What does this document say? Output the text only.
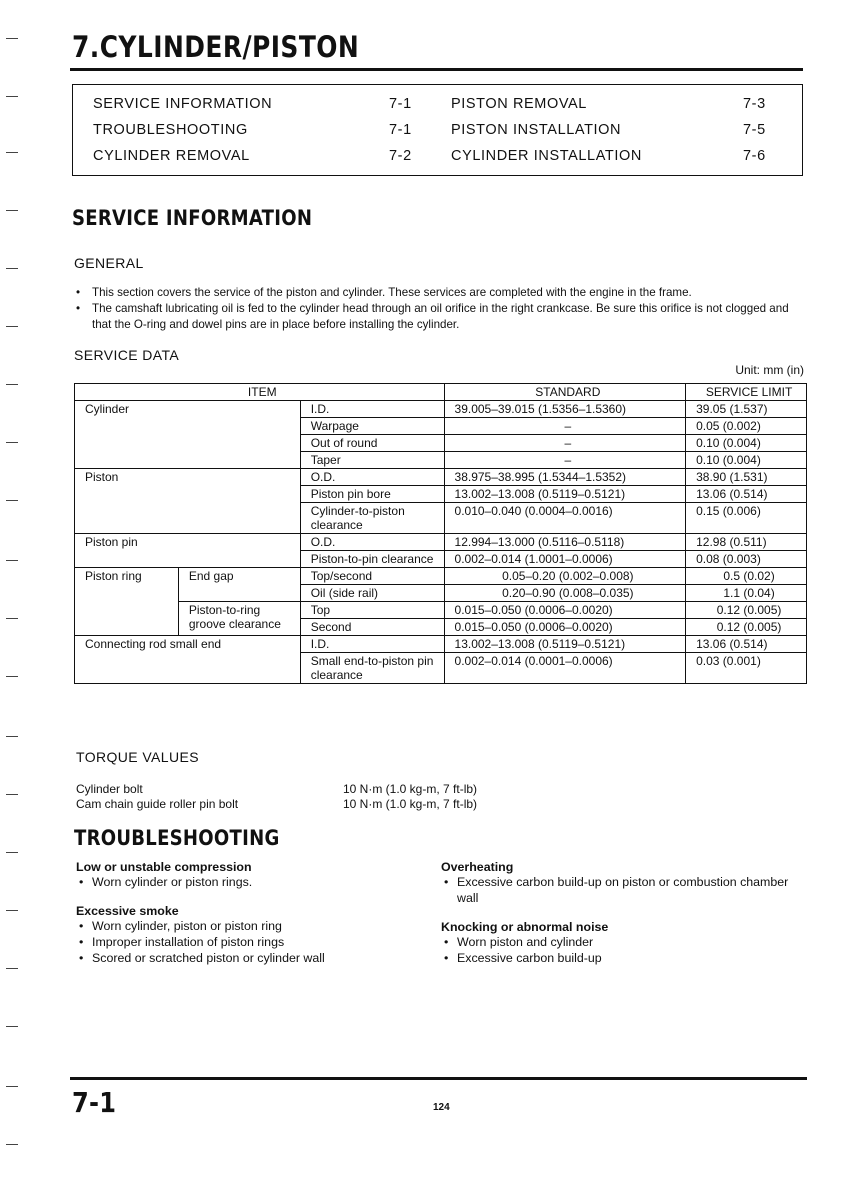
7.CYLINDER/PISTON
SERVICE INFORMATION	7-1
TROUBLESHOOTING	7-1
CYLINDER REMOVAL	7-2
PISTON REMOVAL	7-3
PISTON INSTALLATION	7-5
CYLINDER INSTALLATION	7-6
SERVICE INFORMATION
GENERAL
• This section covers the service of the piston and cylinder. These services are completed with the engine in the frame.
• The camshaft lubricating oil is fed to the cylinder head through an oil orifice in the right crankcase. Be sure this orifice is not clogged and that the O-ring and dowel pins are in place before installing the cylinder.
SERVICE DATA
Unit: mm (in)
ITEM			STANDARD	SERVICE LIMIT
Cylinder		I.D.	39.005–39.015 (1.5356–1.5360)	39.05 (1.537)
		Warpage	–	0.05 (0.002)
		Out of round	–	0.10 (0.004)
		Taper	–	0.10 (0.004)
Piston		O.D.	38.975–38.995 (1.5344–1.5352)	38.90 (1.531)
		Piston pin bore	13.002–13.008 (0.5119–0.5121)	13.06 (0.514)
		Cylinder-to-piston clearance	0.010–0.040 (0.0004–0.0016)	0.15 (0.006)
Piston pin		O.D.	12.994–13.000 (0.5116–0.5118)	12.98 (0.511)
		Piston-to-pin clearance	0.002–0.014 (1.0001–0.0006)	0.08 (0.003)
Piston ring	End gap	Top/second	0.05–0.20 (0.002–0.008)	0.5 (0.02)
		Oil (side rail)	0.20–0.90 (0.008–0.035)	1.1 (0.04)
	Piston-to-ring groove clearance	Top	0.015–0.050 (0.0006–0.0020)	0.12 (0.005)
		Second	0.015–0.050 (0.0006–0.0020)	0.12 (0.005)
Connecting rod small end		I.D.	13.002–13.008 (0.5119–0.5121)	13.06 (0.514)
		Small end-to-piston pin clearance	0.002–0.014 (0.0001–0.0006)	0.03 (0.001)
TORQUE VALUES
Cylinder bolt	10 N·m (1.0 kg-m, 7 ft-lb)
Cam chain guide roller pin bolt	10 N·m (1.0 kg-m, 7 ft-lb)
TROUBLESHOOTING
Low or unstable compression
• Worn cylinder or piston rings.
Excessive smoke
• Worn cylinder, piston or piston ring
• Improper installation of piston rings
• Scored or scratched piston or cylinder wall
Overheating
• Excessive carbon build-up on piston or combustion chamber wall
Knocking or abnormal noise
• Worn piston and cylinder
• Excessive carbon build-up
7-1	124
